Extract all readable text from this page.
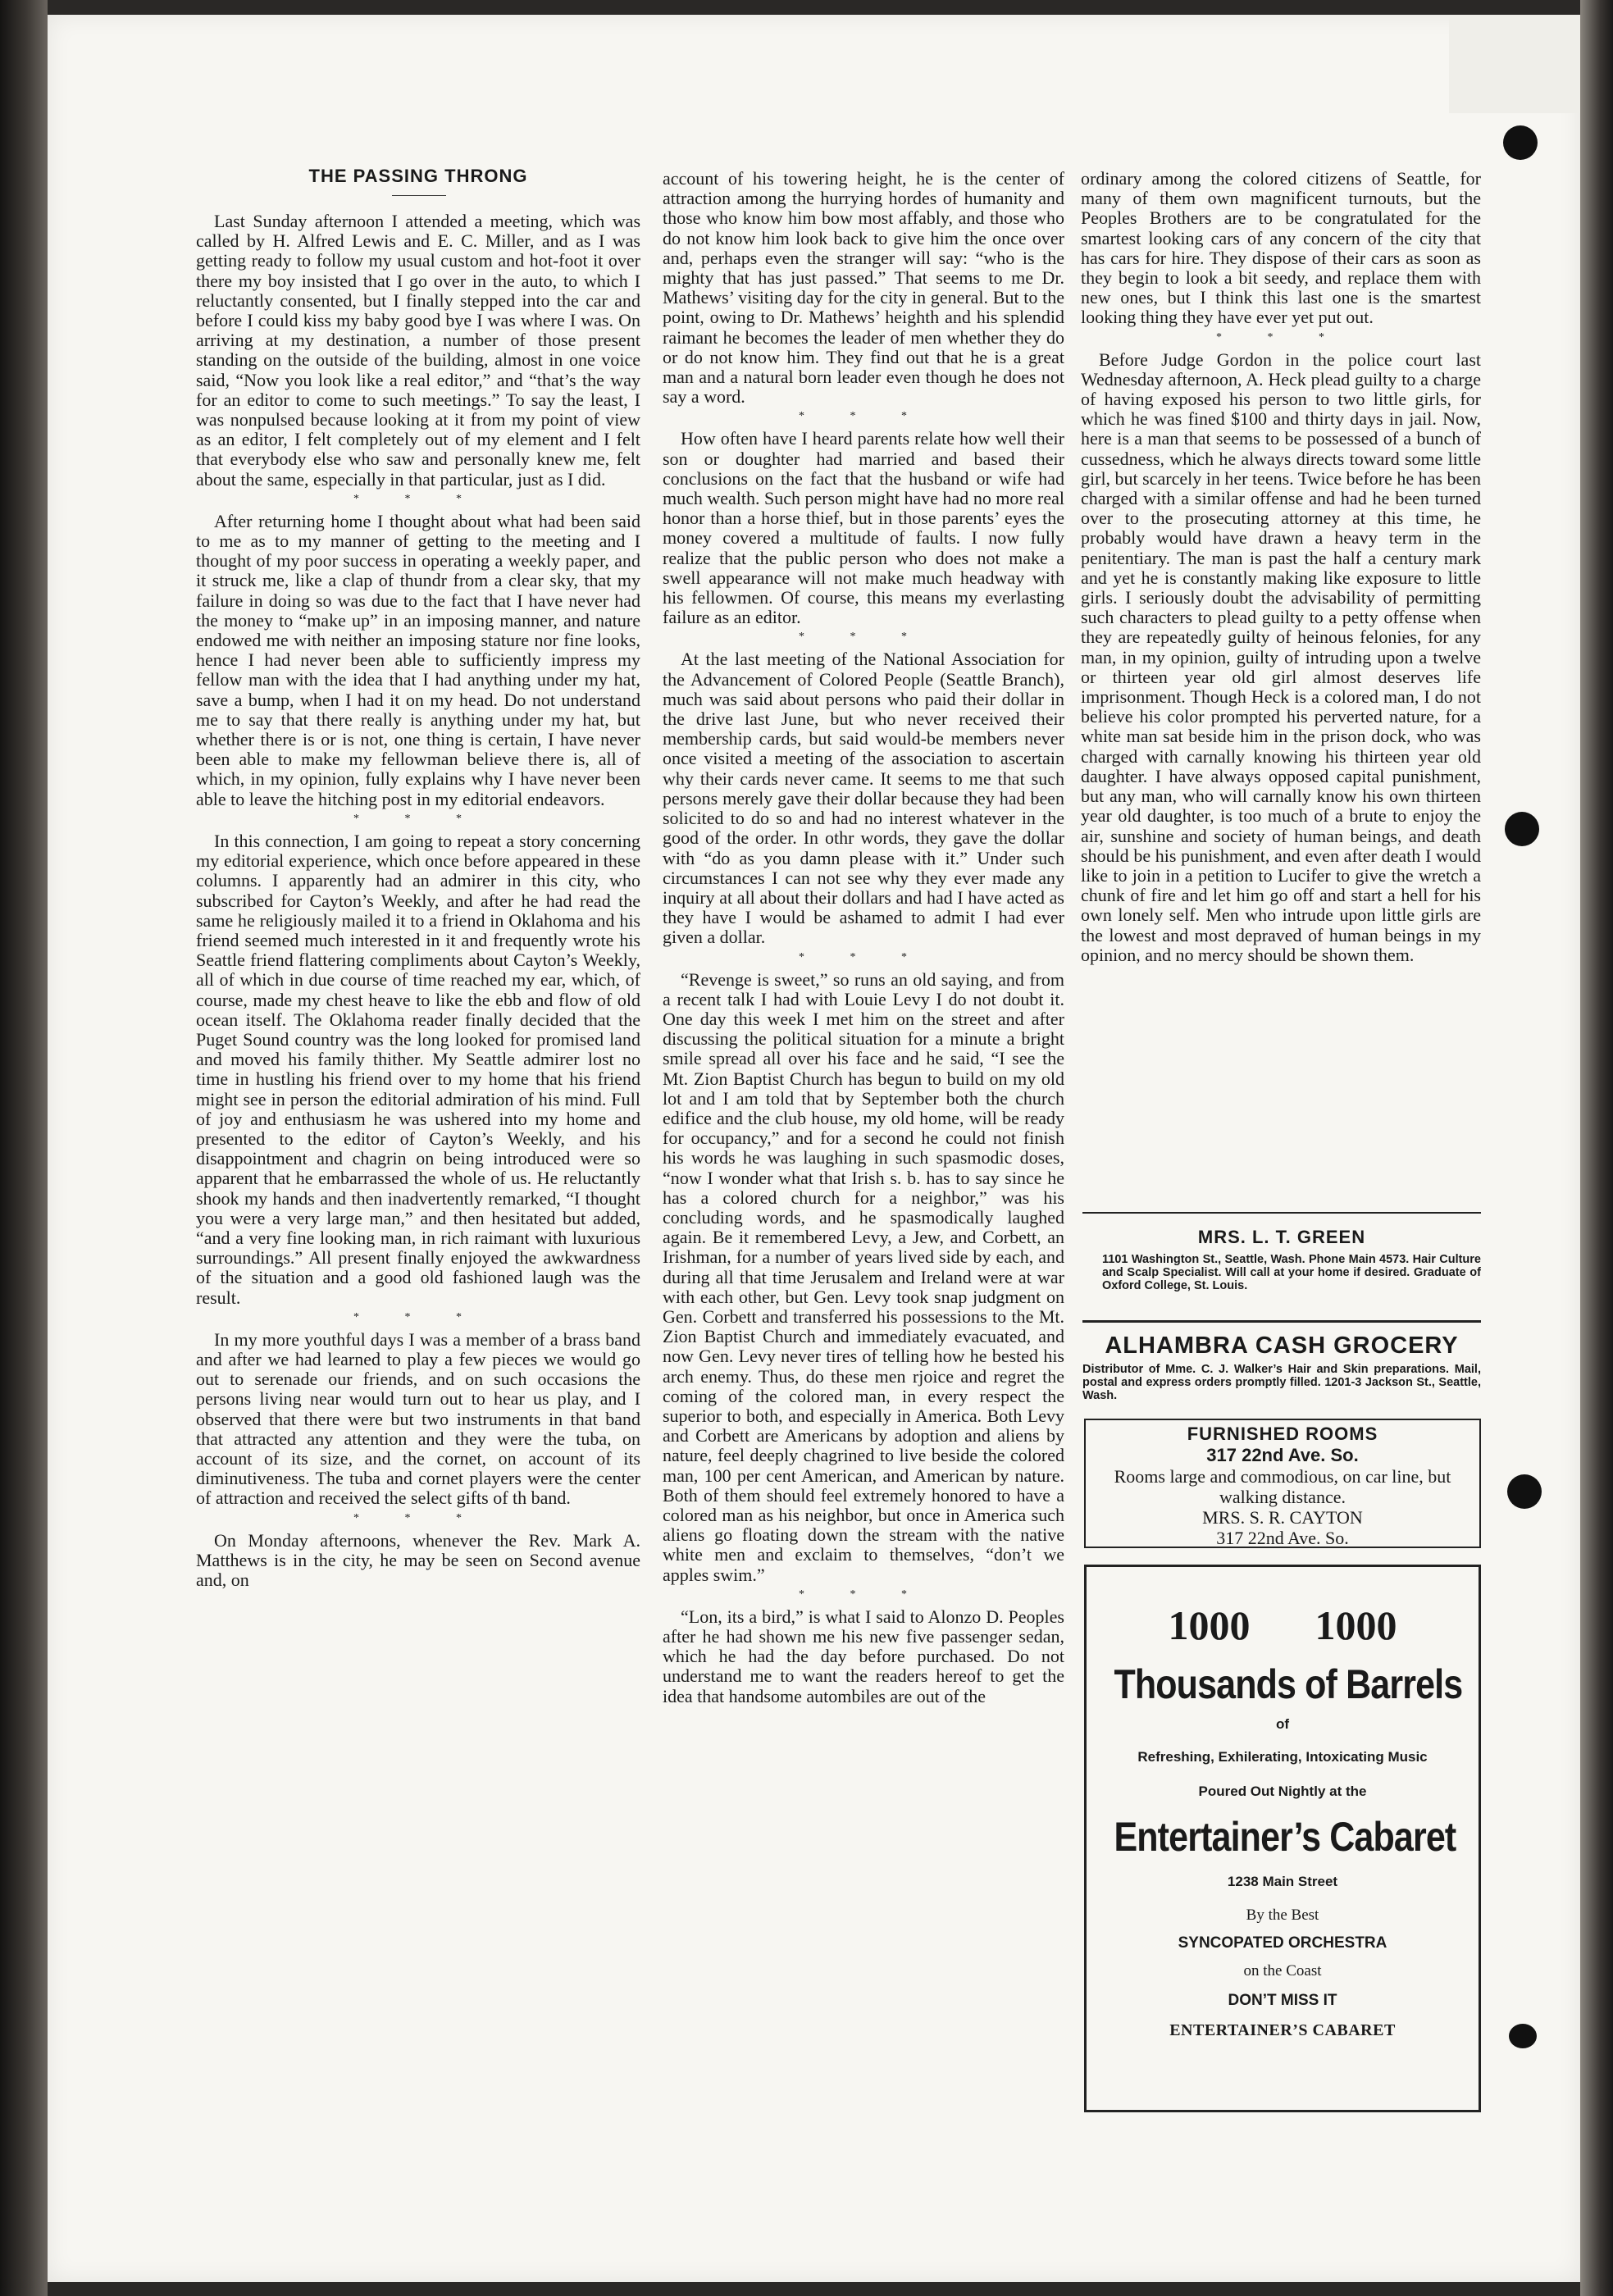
THE PASSING THRONG

Last Sunday afternoon I attended a meeting, which was called by H. Alfred Lewis and E. C. Miller, and as I was getting ready to follow my usual custom and hot-foot it over there my boy insisted that I go over in the auto, to which I reluctantly consented, but I finally stepped into the car and before I could kiss my baby good bye I was where I was. On arriving at my destination, a number of those present standing on the outside of the building, almost in one voice said, “Now you look like a real editor,” and “that’s the way for an editor to come to such meetings.” To say the least, I was nonpulsed because looking at it from my point of view as an editor, I felt completely out of my element and I felt that everybody else who saw and personally knew me, felt about the same, especially in that particular, just as I did.

* * *

After returning home I thought about what had been said to me as to my manner of getting to the meeting and I thought of my poor success in operating a weekly paper, and it struck me, like a clap of thundr from a clear sky, that my failure in doing so was due to the fact that I have never had the money to “make up” in an imposing manner, and nature endowed me with neither an imposing stature nor fine looks, hence I had never been able to sufficiently impress my fellow man with the idea that I had anything under my hat, save a bump, when I had it on my head. Do not understand me to say that there really is anything under my hat, but whether there is or is not, one thing is certain, I have never been able to make my fellowman believe there is, all of which, in my opinion, fully explains why I have never been able to leave the hitching post in my editorial endeavors.

* * *

In this connection, I am going to repeat a story concerning my editorial experience, which once before appeared in these columns. I apparently had an admirer in this city, who subscribed for Cayton’s Weekly, and after he had read the same he religiously mailed it to a friend in Oklahoma and his friend seemed much interested in it and frequently wrote his Seattle friend flattering compliments about Cayton’s Weekly, all of which in due course of time reached my ear, which, of course, made my chest heave to like the ebb and flow of old ocean itself. The Oklahoma reader finally decided that the Puget Sound country was the long looked for promised land and moved his family thither. My Seattle admirer lost no time in hustling his friend over to my home that his friend might see in person the editorial admiration of his mind. Full of joy and enthusiasm he was ushered into my home and presented to the editor of Cayton’s Weekly, and his disappointment and chagrin on being introduced were so apparent that he embarrassed the whole of us. He reluctantly shook my hands and then inadvertently remarked, “I thought you were a very large man,” and then hesitated but added, “and a very fine looking man, in rich raimant with luxurious surroundings.” All present finally enjoyed the awkwardness of the situation and a good old fashioned laugh was the result.

* * *

In my more youthful days I was a member of a brass band and after we had learned to play a few pieces we would go out to serenade our friends, and on such occasions the persons living near would turn out to hear us play, and I observed that there were but two instruments in that band that attracted any attention and they were the tuba, on account of its size, and the cornet, on account of its diminutiveness. The tuba and cornet players were the center of attraction and received the select gifts of th band.

* * *

On Monday afternoons, whenever the Rev. Mark A. Matthews is in the city, he may be seen on Second avenue and, on

account of his towering height, he is the center of attraction among the hurrying hordes of humanity and those who know him bow most affably, and those who do not know him look back to give him the once over and, perhaps even the stranger will say: “who is the mighty that has just passed.” That seems to me Dr. Mathews’ visiting day for the city in general. But to the point, owing to Dr. Mathews’ heighth and his splendid raimant he becomes the leader of men whether they do or do not know him. They find out that he is a great man and a natural born leader even though he does not say a word.

* * *

How often have I heard parents relate how well their son or doughter had married and based their conclusions on the fact that the husband or wife had much wealth. Such person might have had no more real honor than a horse thief, but in those parents’ eyes the money covered a multitude of faults. I now fully realize that the public person who does not make a swell appearance will not make much headway with his fellowmen. Of course, this means my everlasting failure as an editor.

* * *

At the last meeting of the National Association for the Advancement of Colored People (Seattle Branch), much was said about persons who paid their dollar in the drive last June, but who never received their membership cards, but said would-be members never once visited a meeting of the association to ascertain why their cards never came. It seems to me that such persons merely gave their dollar because they had been solicited to do so and had no interest whatever in the good of the order. In othr words, they gave the dollar with “do as you damn please with it.” Under such circumstances I can not see why they ever made any inquiry at all about their dollars and had I have acted as they have I would be ashamed to admit I had ever given a dollar.

* * *

“Revenge is sweet,” so runs an old saying, and from a recent talk I had with Louie Levy I do not doubt it. One day this week I met him on the street and after discussing the political situation for a minute a bright smile spread all over his face and he said, “I see the Mt. Zion Baptist Church has begun to build on my old lot and I am told that by September both the church edifice and the club house, my old home, will be ready for occupancy,” and for a second he could not finish his words he was laughing in such spasmodic doses, “now I wonder what that Irish s. b. has to say since he has a colored church for a neighbor,” was his concluding words, and he spasmodically laughed again. Be it remembered Levy, a Jew, and Corbett, an Irishman, for a number of years lived side by each, and during all that time Jerusalem and Ireland were at war with each other, but Gen. Levy took snap judgment on Gen. Corbett and transferred his possessions to the Mt. Zion Baptist Church and immediately evacuated, and now Gen. Levy never tires of telling how he bested his arch enemy. Thus, do these men rjoice and regret the coming of the colored man, in every respect the superior to both, and especially in America. Both Levy and Corbett are Americans by adoption and aliens by nature, feel deeply chagrined to live beside the colored man, 100 per cent American, and American by nature. Both of them should feel extremely honored to have a colored man as his neighbor, but once in America such aliens go floating down the stream with the native white men and exclaim to themselves, “don’t we apples swim.”

* * *

“Lon, its a bird,” is what I said to Alonzo D. Peoples after he had shown me his new five passenger sedan, which he had the day before purchased. Do not understand me to want the readers hereof to get the idea that handsome autombiles are out of the

ordinary among the colored citizens of Seattle, for many of them own magnificent turnouts, but the Peoples Brothers are to be congratulated for the smartest looking cars of any concern of the city that has cars for hire. They dispose of their cars as soon as they begin to look a bit seedy, and replace them with new ones, but I think this last one is the smartest looking thing they have ever yet put out.

* * *

Before Judge Gordon in the police court last Wednesday afternoon, A. Heck plead guilty to a charge of having exposed his person to two little girls, for which he was fined $100 and thirty days in jail. Now, here is a man that seems to be possessed of a bunch of cussedness, which he always directs toward some little girl, but scarcely in her teens. Twice before he has been charged with a similar offense and had he been turned over to the prosecuting attorney at this time, he probably would have drawn a heavy term in the penitentiary. The man is past the half a century mark and yet he is constantly making like exposure to little girls. I seriously doubt the advisability of permitting such characters to plead guilty to a petty offense when they are repeatedly guilty of heinous felonies, for any man, in my opinion, guilty of intruding upon a twelve or thirteen year old girl almost deserves life imprisonment. Though Heck is a colored man, I do not believe his color prompted his perverted nature, for a white man sat beside him in the prison dock, who was charged with carnally knowing his thirteen year old daughter. I have always opposed capital punishment, but any man, who will carnally know his own thirteen year old daughter, is too much of a brute to enjoy the air, sunshine and society of human beings, and death should be his punishment, and even after death I would like to join in a petition to Lucifer to give the wretch a chunk of fire and let him go off and start a hell for his own lonely self. Men who intrude upon little girls are the lowest and most depraved of human beings in my opinion, and no mercy should be shown them.

MRS. L. T. GREEN
1101 Washington St., Seattle, Wash. Phone Main 4573. Hair Culture and Scalp Specialist. Will call at your home if desired. Graduate of Oxford College, St. Louis.
ALHAMBRA CASH GROCERY
Distributor of Mme. C. J. Walker’s Hair and Skin preparations. Mail, postal and express orders promptly filled. 1201-3 Jackson St., Seattle, Wash.
FURNISHED ROOMS
317 22nd Ave. So.
Rooms large and commodious, on car line, but walking distance.
MRS. S. R. CAYTON
317 22nd Ave. So.
1000 1000
Thousands of Barrels
of
Refreshing, Exhilerating, Intoxicating Music
Poured Out Nightly at the
Entertainer’s Cabaret
1238 Main Street
By the Best
SYNCOPATED ORCHESTRA
on the Coast
DON’T MISS IT
ENTERTAINER’S CABARET
